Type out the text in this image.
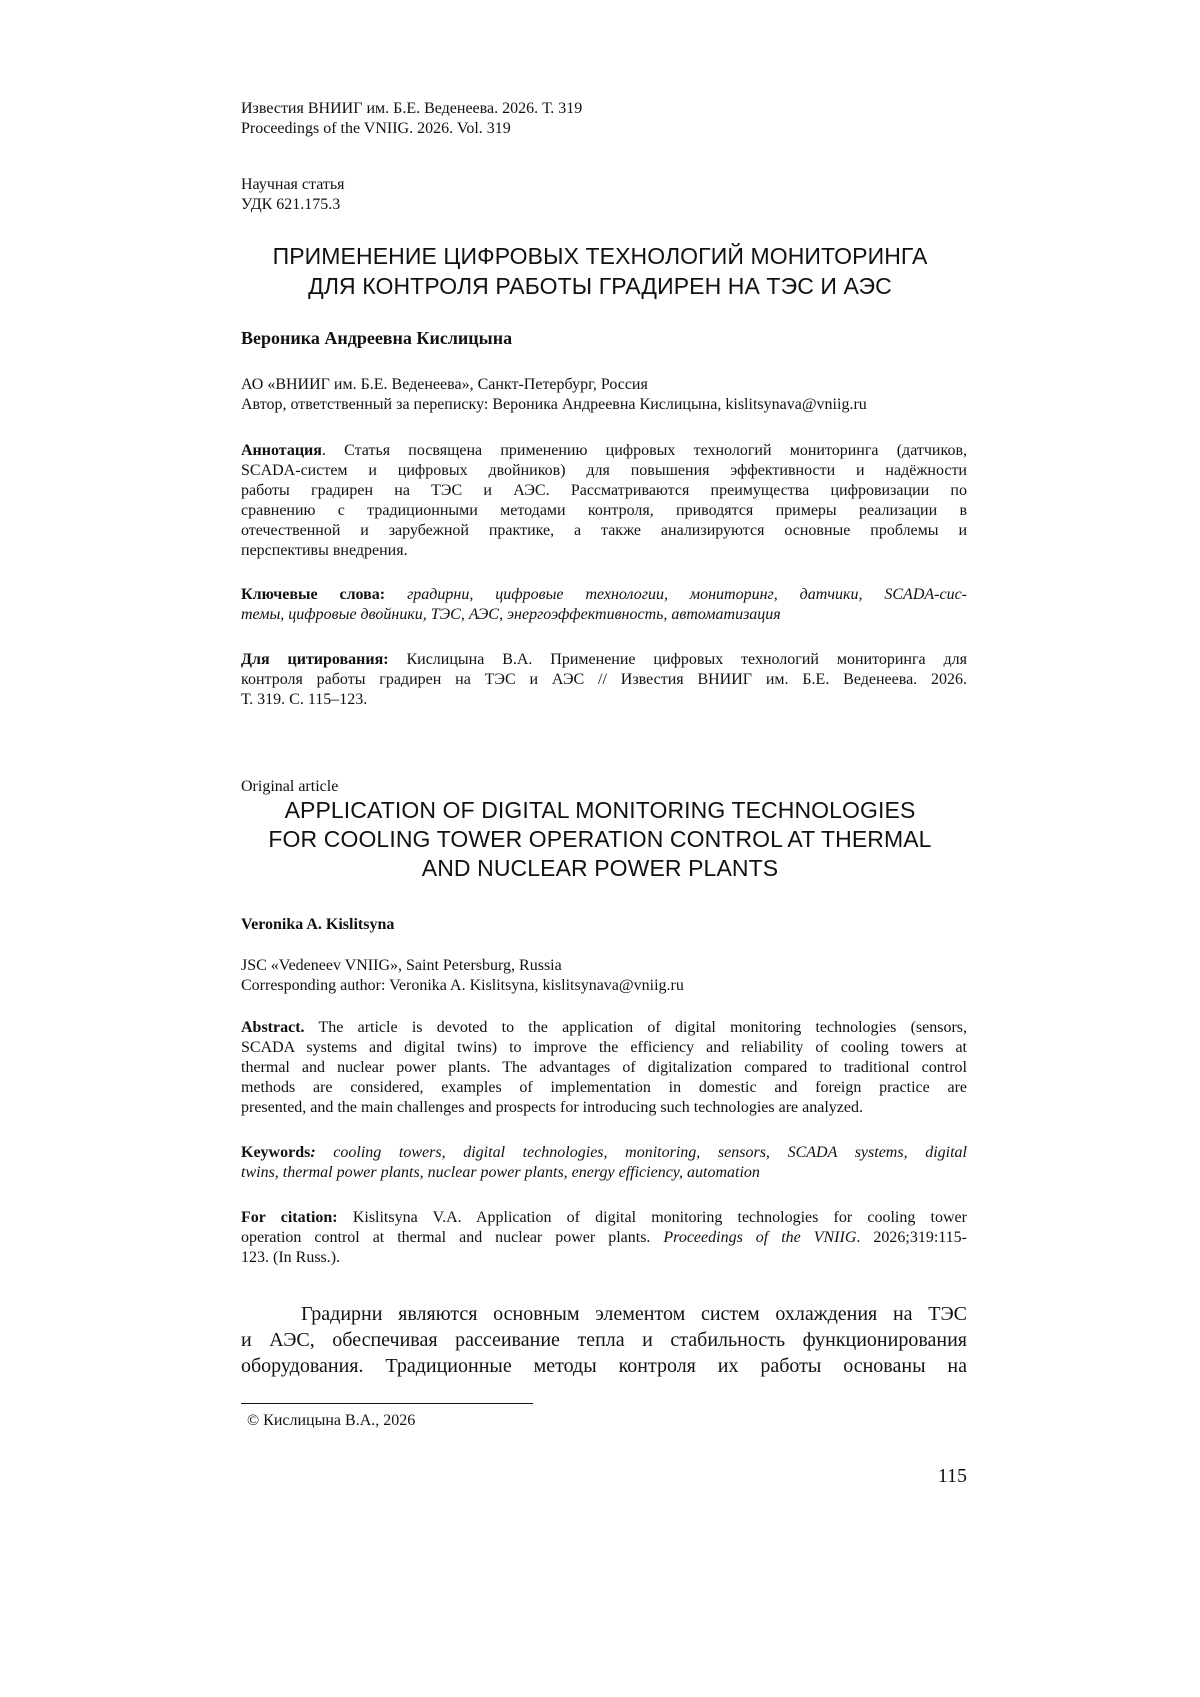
Известия ВНИИГ им. Б.Е. Веденеева. 2026. Т. 319
Proceedings of the VNIIG. 2026. Vol. 319
Научная статья
УДК 621.175.3
ПРИМЕНЕНИЕ ЦИФРОВЫХ ТЕХНОЛОГИЙ МОНИТОРИНГА
ДЛЯ КОНТРОЛЯ РАБОТЫ ГРАДИРЕН НА ТЭС И АЭС
Вероника Андреевна Кислицына
АО «ВНИИГ им. Б.Е. Веденеева», Санкт-Петербург, Россия
Автор, ответственный за переписку: Вероника Андреевна Кислицына, kislitsynava@vniig.ru
Аннотация. Статья посвящена применению цифровых технологий мониторинга (датчиков,
SCADA-систем и цифровых двойников) для повышения эффективности и надёжности
работы градирен на ТЭС и АЭС. Рассматриваются преимущества цифровизации по
сравнению с традиционными методами контроля, приводятся примеры реализации в
отечественной и зарубежной практике, а также анализируются основные проблемы и
перспективы внедрения.
Ключевые слова: градирни, цифровые технологии, мониторинг, датчики, SCADA-сис-
темы, цифровые двойники, ТЭС, АЭС, энергоэффективность, автоматизация
Для цитирования: Кислицына В.А. Применение цифровых технологий мониторинга для
контроля работы градирен на ТЭС и АЭС // Известия ВНИИГ им. Б.Е. Веденеева. 2026.
Т. 319. С. 115–123.
Original article
APPLICATION OF DIGITAL MONITORING TECHNOLOGIES
FOR COOLING TOWER OPERATION CONTROL AT THERMAL
AND NUCLEAR POWER PLANTS
Veronika A. Kislitsyna
JSC «Vedeneev VNIIG», Saint Petersburg, Russia
Corresponding author: Veronika A. Kislitsyna, kislitsynava@vniig.ru
Abstract. The article is devoted to the application of digital monitoring technologies (sensors,
SCADA systems and digital twins) to improve the efficiency and reliability of cooling towers at
thermal and nuclear power plants. The advantages of digitalization compared to traditional control
methods are considered, examples of implementation in domestic and foreign practice are
presented, and the main challenges and prospects for introducing such technologies are analyzed.
Keywords: cooling towers, digital technologies, monitoring, sensors, SCADA systems, digital
twins, thermal power plants, nuclear power plants, energy efficiency, automation
For citation: Kislitsyna V.A. Application of digital monitoring technologies for cooling tower
operation control at thermal and nuclear power plants. Proceedings of the VNIIG. 2026;319:115-
123. (In Russ.).
Градирни являются основным элементом систем охлаждения на ТЭС
и АЭС, обеспечивая рассеивание тепла и стабильность функционирования
оборудования. Традиционные методы контроля их работы основаны на
© Кислицына В.А., 2026
115
